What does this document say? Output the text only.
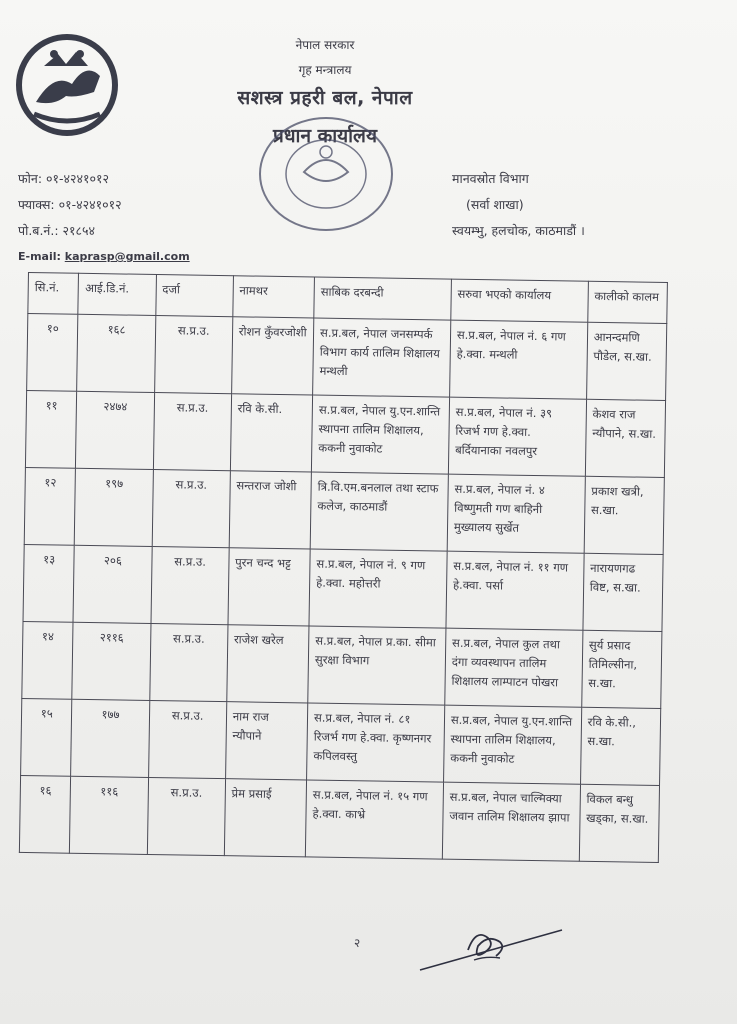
नेपाल सरकार
गृह मन्त्रालय
सशस्त्र प्रहरी बल, नेपाल
प्रधान कार्यालय
फोन: ०१-४२४१०१२
फ्याक्स: ०१-४२४१०१२
पो.ब.नं.: २१८५४
E-mail: kaprasp@gmail.com
मानवस्रोत विभाग
(सर्वा शाखा)
स्वयम्भु, हलचोक, काठमाडौं ।
सि.नं.	आई.डि.नं.	दर्जा	नामथर	साबिक दरबन्दी	सरुवा भएको कार्यालय	कालीको कालम
१०	१६८	स.प्र.उ.	रोशन कुँवरजोशी	स.प्र.बल, नेपाल जनसम्पर्क विभाग कार्य तालिम शिक्षालय मन्थली	स.प्र.बल, नेपाल नं. ६ गण हे.क्वा. मन्थली	आनन्दमणि पौडेल, स.खा.
११	२४७४	स.प्र.उ.	रवि के.सी.	स.प्र.बल, नेपाल यु.एन.शान्ति स्थापना तालिम शिक्षालय, ककनी नुवाकोट	स.प्र.बल, नेपाल नं. ३९ रिजर्भ गण हे.क्वा. बर्दियानाका नवलपुर	केशव राज न्यौपाने, स.खा.
१२	१९७	स.प्र.उ.	सन्तराज जोशी	त्रि.वि.एम.बनलाल तथा स्टाफ कलेज, काठमाडौं	स.प्र.बल, नेपाल नं. ४ विष्णुमती गण बाहिनी मुख्यालय सुर्खेत	प्रकाश खत्री, स.खा.
१३	२०६	स.प्र.उ.	पुरन चन्द भट्ट	स.प्र.बल, नेपाल नं. ९ गण हे.क्वा. महोत्तरी	स.प्र.बल, नेपाल नं. ११ गण हे.क्वा. पर्सा	नारायणगढ विष्ट, स.खा.
१४	२११६	स.प्र.उ.	राजेश खरेल	स.प्र.बल, नेपाल प्र.का. सीमा सुरक्षा विभाग	स.प्र.बल, नेपाल कुल तथा दंगा व्यवस्थापन तालिम शिक्षालय लाम्पाटन पोखरा	सुर्य प्रसाद तिमिल्सीना, स.खा.
१५	१७७	स.प्र.उ.	नाम राज न्यौपाने	स.प्र.बल, नेपाल नं. ८१ रिजर्भ गण हे.क्वा. कृष्णनगर कपिलवस्तु	स.प्र.बल, नेपाल यु.एन.शान्ति स्थापना तालिम शिक्षालय, ककनी नुवाकोट	रवि के.सी., स.खा.
१६	११६	स.प्र.उ.	प्रेम प्रसाई	स.प्र.बल, नेपाल नं. १५ गण हे.क्वा. काभ्रे	स.प्र.बल, नेपाल चाल्मिक्या जवान तालिम शिक्षालय झापा	विकल बन्धु खड्का, स.खा.
२
